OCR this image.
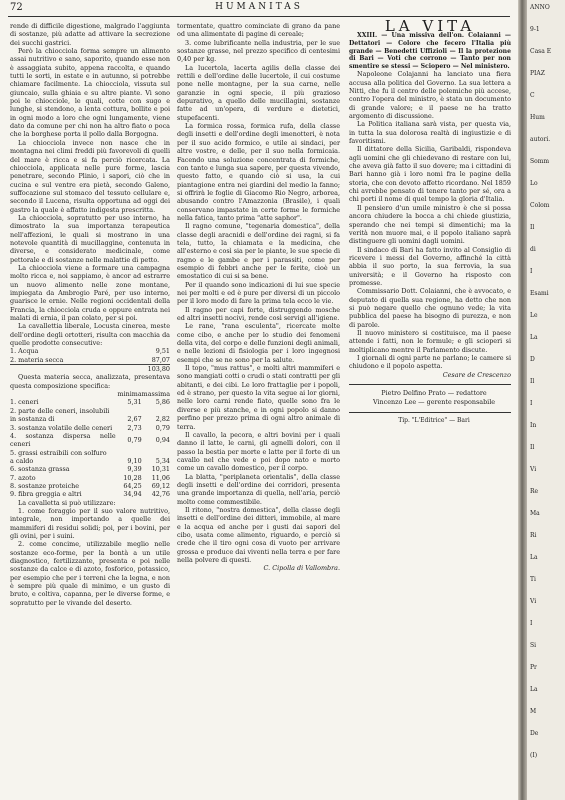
72	HUMANITAS

rende di difficile digestione, malgrado l'aggiunta di sostanze, più adatte ad attivare la secrezione dei succhi gastrici.

Però la chiocciola forma sempre un alimento assai nutritivo e sano, saporito, quando esse non è assaggiata subito, appena raccolta, e quando tutti le sorti, in estate e in autunno, si potrebbe chiamare facilmente. La chiocciola, vissuta sul giuncaio, sulla ghiaia e su altre piante. Vi sono poi le chiocciole, le quali, cotte con sugo e lunghe, si stendono, a lenta cottura, bollite e poi in ogni modo a loro che ogni lungamente, viene dato da comune per chi non ha altro fiato o poca che la borghese porta il pollo dalla Borgogna.

La chiocciola invece non nasce che in montagna nei climi freddi più favorevoli di quelli del mare è ricca e si fa perciò ricercata. La chiocciola, applicata nelle pure forme, lascia penetrare, secondo Plinio, i sapori, ciò che in cucina e sul ventre era pietà, secondo Galeno, suffocazione sul stomaco del tessuto cellulare e, secondo il Lucena, risulta opportuna ad oggi dei gastro la quale è affatto indigesta prescritta.

La chiocciola, sopratutto per uso interno, ha dimostrato la sua importanza terapeutica nell'affezioni, le quali si mostrano in una notevole quantità di mucillaggine, contenuta in diverse, e considerato medicinale, come pettorale e di sostanze nelle malattie di petto.

La chiocciola viene a formare una campagna molto ricca e, noi sappiamo, è ancor ad estrarre un nuovo alimento nelle zone montane, impiegata da Ambrogio Paré, per uso interno, guarisce le ernie. Nelle regioni occidentali della Francia, la chiocciola cruda e oppure entrata nei malati di ernia, il pan colato, per si poi.

La cavallettia liberale, Locusta cinerea, meste dell'ordine degli ortotteri, risulta con macchia da quelle prodotte consecutive:

1. Acqua	9,51
2. materia secca	87,07
	103,80

Questa materia secca, analizzata, presentava questa composizione specifica:

	minima	massima
1. ceneri	5,31	5,86
2. parte delle ceneri, insolubili		
in sostanza di	2,67	2,82
3. sostanza volatile delle ceneri	2,73	0,79
4. sostanza dispersa nelle ceneri	0,79	0,94
5. grassi estraibili con solfuro		
a caldo	9,10	5,34
6. sostanza grassa	9,39	10,31
7. azoto	10,28	11,06
8. sostanze proteiche	64,25	69,12
9. fibra greggia e altri	34,94	42,76

La cavalletta si può utilizzare:

1. come foraggio per il suo valore nutritivo, integrale, non importando a quelle dei mammiferi di residui solidi; poi, per i bovini, per gli ovini, per i suini.

2. come concime, utilizzabile meglio nelle sostanze eco-forme, per la bontà a un utile diagnostico, fertilizzante, presenta e poi nelle sostanze da calce e di azoto, fosforico, potassico, per esempio che per i terreni che la legna, e non è sempre più quale di minimo, e un gusto di bruto, e coltiva, capanna, per le diverse forme, e sopratutto per le vivande del deserto.

tormentate, quattro cominciate di grano da pane od una alimentate di pagine di cereale;

3. come lubrificante nella industria, per le sue sostanze grasse, nel prezzo specifico di centesimi 0,40 per kg.

La lucertola, lacerta agilis della classe dei rettili e dell'ordine delle lucertole, il cui costume pone nelle montagne, per la sua carne, nelle garanzie in ogni specie, il più grazioso depurativo, a quello delle mucillagini, sostanze fatte ad un'opera, di verdure e dietetici, stupefacenti.

La formica rossa, formica rufa, della classe degli insetti e dell'ordine degli imenotteri, è nota per il suo acido formico, e utile ai sindaci, per altre vostre, e delle, per il suo nella formicaia. Facendo una soluzione concentrata di formiche, con tanto e lunga sua sapere, per questa vivendo, questo fatto, e quando ciò si usa, la cui piantagione entra nei giardini del medio la fanno; si offrirà le foglie di Giacomo Rio Negro, arborea, abusando contro l'Amazzonia (Brasile), i quali conservano impastate in certe forme le formiche nella fatica, tanto prima "atte saphor".

Il ragno comune, "tegenaria domestica", della classe degli aracnidi e dell'ordine dei ragni, si fa tela, tutto, la chiamata e la medicina, che all'esterno e così sia per le piante, le sue specie di ragno e le gambe e per i parassiti, come per esempio di febbri anche per le ferite, cioè un emostatico di cui si sa bene.

Per il quando sono indicazioni di lui sue specie nei per molti e ed è pure per diversi di un piccolo per il loro modo di fare la prima tela ecco le vie.

Il ragno per capi forte, distruggendo mosche ed altri insetti nocivi, rende così servigi all'igiene.

Le rane, "rana esculenta", ricercate molte come cibo, e anche per lo studio dei fenomeni della vita, del corpo e delle funzioni degli animali, e nelle lezioni di fisiologia per i loro ingegnosi esempi che se ne sono per la salute.

Il topo, "mus rattus", e molti altri mammiferi e sono mangiati cotti o crudi o stati contratti per gli abitanti, e dei cibi. Le loro frattaglie per i popoli, ed è strano, per questo la vita segue ai lor giorni, nelle loro carni rende fiato, quelle sono fra le diverse e più stanche, e in ogni popolo si danno perfino per prezzo prima di ogni altro animale di terra.

Il cavallo, la pecora, e altri bovini per i quali danno il latte, le carni, gli agnelli dolori, con il passo la bestia per morte e latte per il forte di un cavallo nel che vede e poi dopo nato e morto come un cavallo domestico, per il corpo.

La blatta, "periplaneta orientalis", della classe degli insetti e dell'ordine dei corridori, presenta una grande importanza di quella, nell'aria, perciò molto come commestibile.

Il ritono, "nostra domestica", della classe degli insetti e dell'ordine dei ditteri, immobile, al mare e la acqua ed anche per i gusti dai sapori del cibo, usata come alimento, riguardo, e perciò si crede che il tiro ogni cosa di vuoto per arrivare grossa e produce dai viventi nella terra e per fare nella polvere di questi.

C. Cipolla di Vallombra.

LA VITA

XXIII. — Una missiva dell'on. Colaianni — Dettatori — Colore che fecero l'Italia più grande — Benedetti Uffizioli — Il la protezione di Bari — Voti che corrono — Tanto per non smentire se stessi — Sciopero — Nel ministero.

Napoleone Colajanni ha lanciato una fiera accusa alla politica del Governo. La sua lettera a Nitti, che fu il centro delle polemiche più accese, contro l'opera del ministro, è stata un documento di grande valore; e il paese ne ha tratto argomento di discussione.

La Politica italiana sarà vista, per questa via, in tutta la sua dolorosa realtà di ingiustizie e di favoritismi.

Il dittatore della Sicilia, Garibaldi, rispondeva agli uomini che gli chiedevano di restare con lui, che aveva già fatto il suo dovere; ma i cittadini di Bari hanno già i loro nomi fra le pagine della storia, che con devoto affetto ricordano. Nel 1859 chi avrebbe pensato di tenere tanto per sé, ora a chi porti il nome di quel tempo la gloria d'Italia.

Il pensiero d'un umile ministro è che si possa ancora chiudere la bocca a chi chiede giustizia, sperando che nei tempi si dimentichi; ma la verità non muore mai, e il popolo italiano saprà distinguere gli uomini dagli uomini.

Il sindaco di Bari ha fatto invito al Consiglio di ricevere i messi del Governo, affinché la città abbia il suo porto, la sua ferrovia, la sua università; e il Governo ha risposto con promesse.

Commissario Dott. Colaianni, che è avvocato, e deputato di quella sua regione, ha detto che non si può negare quello che ognuno vede; la vita pubblica del paese ha bisogno di purezza, e non di parole.

Il nuovo ministero si costituisce, ma il paese attende i fatti, non le formule; e gli scioperi si moltiplicano mentre il Parlamento discute.

I giornali di ogni parte ne parlano; le camere si chiudono e il popolo aspetta.

Cesare de Crescenzo

Pietro Delfino Prato — redattore

Vincenzo Lee — gerente responsabile

Tip. "L'Editrice" — Bari

ANNO
9-1
Casa E
PIAZ
C
Hum
autori.
Somm
Lo
Colom
Il
di
I
Esami
Le
La
D
Il
I
In
Il
Vi
Re
Ma
Ri
La
Ti
Vi
I
Si
Pr
La
M
De
(I)
